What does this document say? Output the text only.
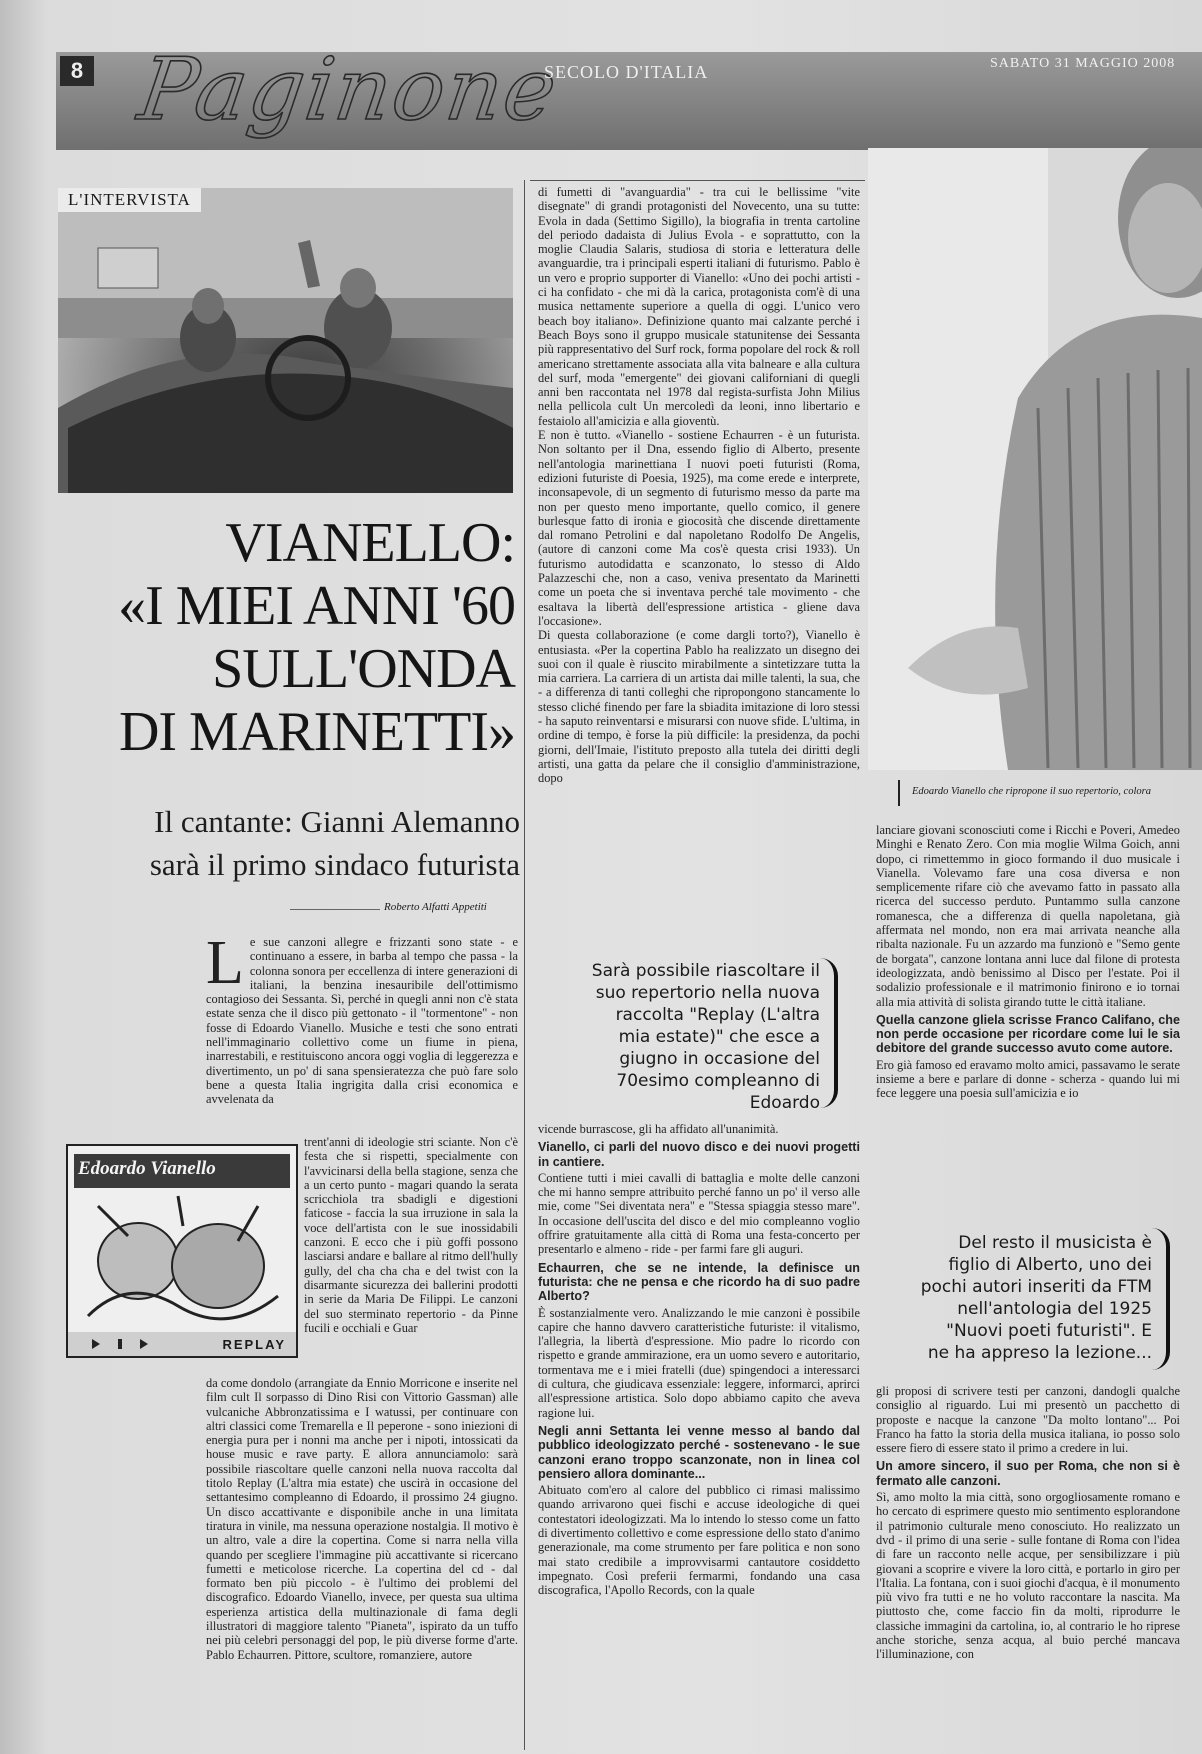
8 Paginone
SECOLO D'ITALIA	SABATO 31 MAGGIO 2008
L'INTERVISTA
Edoardo Vianello che ripropone il suo repertorio, colora
VIANELLO:
«I MIEI ANNI '60
SULL'ONDA
DI MARINETTI»
Il cantante: Gianni Alemanno
sarà il primo sindaco futurista
Roberto Alfatti Appetiti

Le sue canzoni allegre e frizzanti sono state - e continuano a essere, in barba al tempo che passa - la colonna sonora per eccellenza di intere generazioni di italiani, la benzina inesauribile dell'ottimismo contagioso dei Sessanta. Sì, perché in quegli anni non c'è stata estate senza che il disco più gettonato - il "tormentone" - non fosse di Edoardo Vianello. Musiche e testi che sono entrati nell'immaginario collettivo come un fiume in piena, inarrestabili, e restituiscono ancora oggi voglia di leggerezza e divertimento, un po' di sana spensieratezza che può fare solo bene a questa Italia ingrigita dalla crisi economica e avvelenata da

Edoardo Vianello
REPLAY

trent'anni di ideologie stri sciante. Non c'è festa che si rispetti, specialmente con l'avvicinarsi della bella stagione, senza che a un certo punto - magari quando la serata scricchiola tra sbadigli e digestioni faticose - faccia la sua irruzione in sala la voce dell'artista con le sue inossidabili canzoni. E ecco che i più goffi possono lasciarsi andare e ballare al ritmo dell'hully gully, del cha cha cha e del twist con la disarmante sicurezza dei ballerini prodotti in serie da Maria De Filippi. Le canzoni del suo sterminato repertorio - da Pinne fucili e occhiali e Guar

da come dondolo (arrangiate da Ennio Morricone e inserite nel film cult Il sorpasso di Dino Risi con Vittorio Gassman) alle vulcaniche Abbronzatissima e I watussi, per continuare con altri classici come Tremarella e Il peperone - sono iniezioni di energia pura per i nonni ma anche per i nipoti, intossicati da house music e rave party. E allora annunciamolo: sarà possibile riascoltare quelle canzoni nella nuova raccolta dal titolo Replay (L'altra mia estate) che uscirà in occasione del settantesimo compleanno di Edoardo, il prossimo 24 giugno. Un disco accattivante e disponibile anche in una limitata tiratura in vinile, ma nessuna operazione nostalgia. Il motivo è un altro, vale a dire la copertina. Come si narra nella villa quando per scegliere l'immagine più accattivante si ricercano fumetti e meticolose ricerche. La copertina del cd - dal formato ben più piccolo - è l'ultimo dei problemi del discografico. Edoardo Vianello, invece, per questa sua ultima esperienza artistica della multinazionale di fama degli illustratori di maggiore talento "Pianeta", ispirato da un tuffo nei più celebri personaggi del pop, le più diverse forme d'arte. Pablo Echaurren. Pittore, scultore, romanziere, autore

di fumetti di "avanguardia" - tra cui le bellissime "vite disegnate" di grandi protagonisti del Novecento, una su tutte: Evola in dada (Settimo Sigillo), la biografia in trenta cartoline del periodo dadaista di Julius Evola - e soprattutto, con la moglie Claudia Salaris, studiosa di storia e letteratura delle avanguardie, tra i principali esperti italiani di futurismo. Pablo è un vero e proprio supporter di Vianello: «Uno dei pochi artisti - ci ha confidato - che mi dà la carica, protagonista com'è di una musica nettamente superiore a quella di oggi. L'unico vero beach boy italiano». Definizione quanto mai calzante perché i Beach Boys sono il gruppo musicale statunitense dei Sessanta più rappresentativo del Surf rock, forma popolare del rock & roll americano strettamente associata alla vita balneare e alla cultura del surf, moda "emergente" dei giovani californiani di quegli anni ben raccontata nel 1978 dal regista-surfista John Milius nella pellicola cult Un mercoledì da leoni, inno libertario e festaiolo all'amicizia e alla gioventù.

E non è tutto. «Vianello - sostiene Echaurren - è un futurista. Non soltanto per il Dna, essendo figlio di Alberto, presente nell'antologia marinettiana I nuovi poeti futuristi (Roma, edizioni futuriste di Poesia, 1925), ma come erede e interprete, inconsapevole, di un segmento di futurismo messo da parte ma non per questo meno importante, quello comico, il genere burlesque fatto di ironia e giocosità che discende direttamente dal romano Petrolini e dal napoletano Rodolfo De Angelis, (autore di canzoni come Ma cos'è questa crisi 1933). Un futurismo autodidatta e scanzonato, lo stesso di Aldo Palazzeschi che, non a caso, veniva presentato da Marinetti come un poeta che si inventava perché tale movimento - che esaltava la libertà dell'espressione artistica - gliene dava l'occasione».

Di questa collaborazione (e come dargli torto?), Vianello è entusiasta. «Per la copertina Pablo ha realizzato un disegno dei suoi con il quale è riuscito mirabilmente a sintetizzare tutta la mia carriera. La carriera di un artista dai mille talenti, la sua, che - a differenza di tanti colleghi che ripropongono stancamente lo stesso cliché finendo per fare la sbiadita imitazione di loro stessi - ha saputo reinventarsi e misurarsi con nuove sfide. L'ultima, in ordine di tempo, è forse la più difficile: la presidenza, da pochi giorni, dell'Imaie, l'istituto preposto alla tutela dei diritti degli artisti, una gatta da pelare che il consiglio d'amministrazione, dopo

Sarà possibile riascoltare il suo repertorio nella nuova raccolta "Replay (L'altra mia estate)" che esce a giugno in occasione del 70esimo compleanno di Edoardo

vicende burrascose, gli ha affidato all'unanimità.

Vianello, ci parli del nuovo disco e dei nuovi progetti in cantiere.

Contiene tutti i miei cavalli di battaglia e molte delle canzoni che mi hanno sempre attribuito perché fanno un po' il verso alle mie, come "Sei diventata nera" e "Stessa spiaggia stesso mare". In occasione dell'uscita del disco e del mio compleanno voglio offrire gratuitamente alla città di Roma una festa-concerto per presentarlo e almeno - ride - per farmi fare gli auguri.

Echaurren, che se ne intende, la definisce un futurista: che ne pensa e che ricordo ha di suo padre Alberto?

È sostanzialmente vero. Analizzando le mie canzoni è possibile capire che hanno davvero caratteristiche futuriste: il vitalismo, l'allegria, la libertà d'espressione. Mio padre lo ricordo con rispetto e grande ammirazione, era un uomo severo e autoritario, tormentava me e i miei fratelli (due) spingendoci a interessarci di cultura, che giudicava essenziale: leggere, informarci, aprirci all'espressione artistica. Solo dopo abbiamo capito che aveva ragione lui.

Negli anni Settanta lei venne messo al bando dal pubblico ideologizzato perché - sostenevano - le sue canzoni erano troppo scanzonate, non in linea col pensiero allora dominante...

Abituato com'ero al calore del pubblico ci rimasi malissimo quando arrivarono quei fischi e accuse ideologiche di quei contestatori ideologizzati. Ma lo intendo lo stesso come un fatto di divertimento collettivo e come espressione dello stato d'animo generazionale, ma come strumento per fare politica e non sono mai stato credibile a improvvisarmi cantautore cosiddetto impegnato. Così preferii fermarmi, fondando una casa discografica, l'Apollo Records, con la quale

lanciare giovani sconosciuti come i Ricchi e Poveri, Amedeo Minghi e Renato Zero. Con mia moglie Wilma Goich, anni dopo, ci rimettemmo in gioco formando il duo musicale i Vianella. Volevamo fare una cosa diversa e non semplicemente rifare ciò che avevamo fatto in passato alla ricerca del successo perduto. Puntammo sulla canzone romanesca, che a differenza di quella napoletana, già affermata nel mondo, non era mai arrivata neanche alla ribalta nazionale. Fu un azzardo ma funzionò e "Semo gente de borgata", canzone lontana anni luce dal filone di protesta ideologizzata, andò benissimo al Disco per l'estate. Poi il sodalizio professionale e il matrimonio finirono e io tornai alla mia attività di solista girando tutte le città italiane.

Quella canzone gliela scrisse Franco Califano, che non perde occasione per ricordare come lui le sia debitore del grande successo avuto come autore.

Ero già famoso ed eravamo molto amici, passavamo le serate insieme a bere e parlare di donne - scherza - quando lui mi fece leggere una poesia sull'amicizia e io

Del resto il musicista è figlio di Alberto, uno dei pochi autori inseriti da FTM nell'antologia del 1925 "Nuovi poeti futuristi". E ne ha appreso la lezione...

gli proposi di scrivere testi per canzoni, dandogli qualche consiglio al riguardo. Lui mi presentò un pacchetto di proposte e nacque la canzone "Da molto lontano"... Poi Franco ha fatto la storia della musica italiana, io posso solo essere fiero di essere stato il primo a credere in lui.

Un amore sincero, il suo per Roma, che non si è fermato alle canzoni.

Sì, amo molto la mia città, sono orgogliosamente romano e ho cercato di esprimere questo mio sentimento esplorandone il patrimonio culturale meno conosciuto. Ho realizzato un dvd - il primo di una serie - sulle fontane di Roma con l'idea di fare un racconto nelle acque, per sensibilizzare i più giovani a scoprire e vivere la loro città, e portarlo in giro per l'Italia. La fontana, con i suoi giochi d'acqua, è il monumento più vivo fra tutti e ne ho voluto raccontare la nascita. Ma piuttosto che, come faccio fin da molti, riprodurre le classiche immagini da cartolina, io, al contrario le ho riprese anche storiche, senza acqua, al buio perché mancava l'illuminazione, con
